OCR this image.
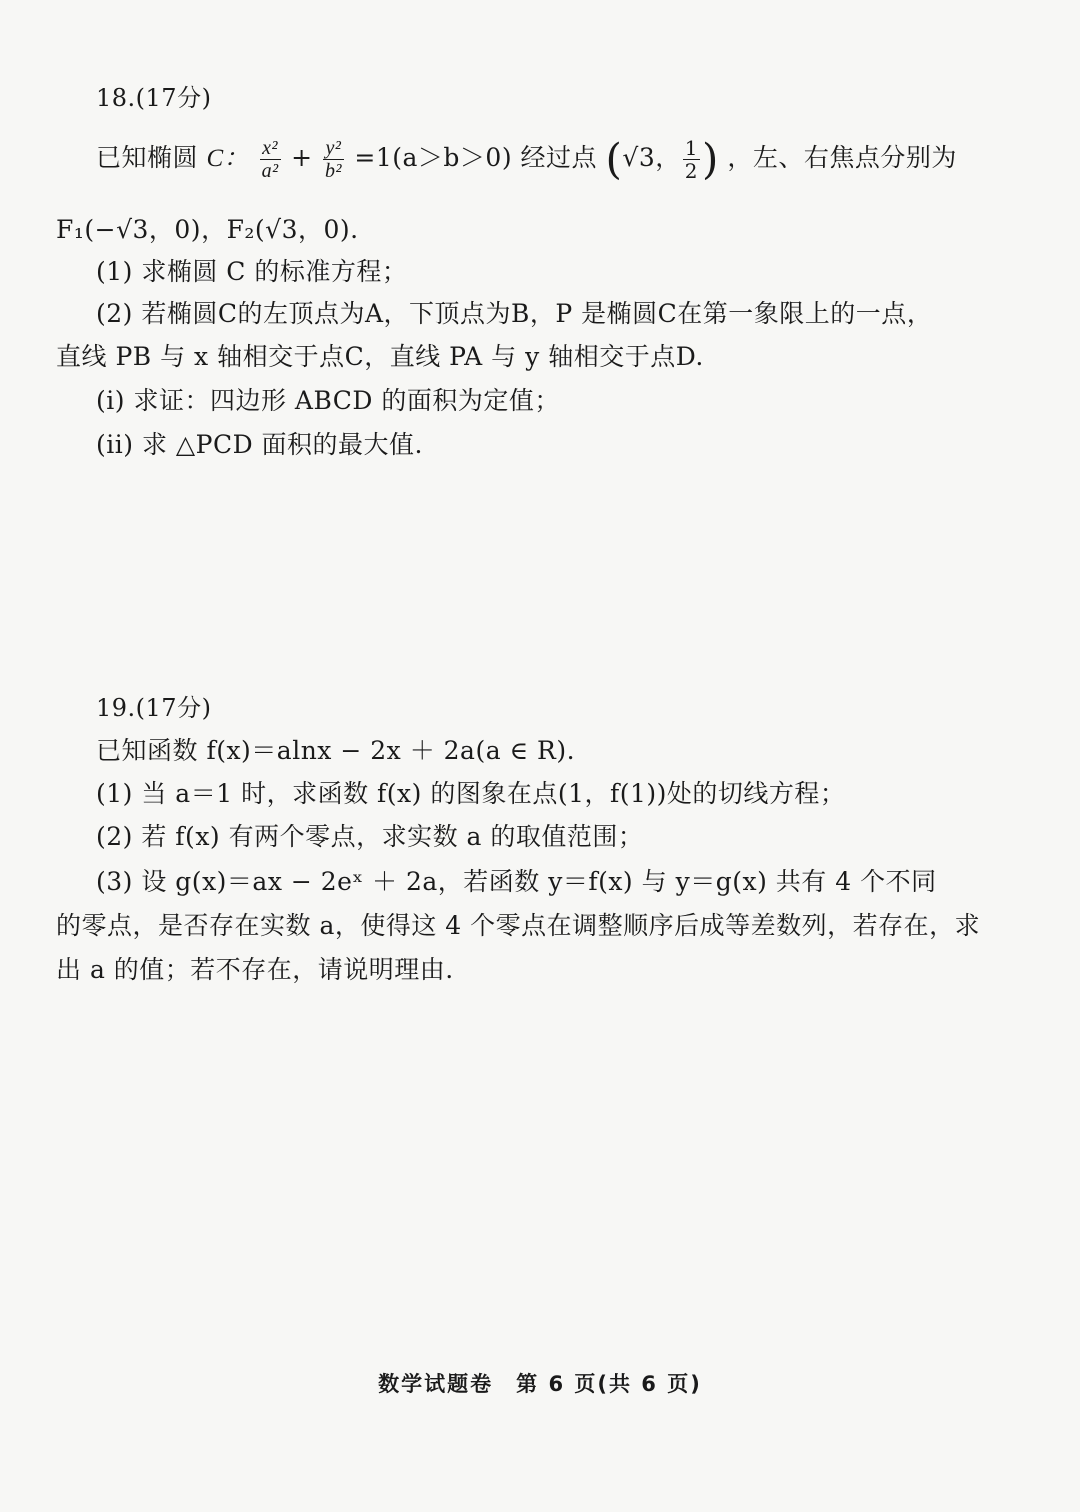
18.(17分)
已知椭圆 C： $\frac{\text{x²}}{\text{a²}} + \frac{\text{y²}}{\text{b²}} =1(a>b>0)$ 经过点 (√3， $\frac{1}{2}$ ) ，左、右焦点分别为
F₁(−√3，0)，F₂(√3，0).
(1) 求椭圆 C 的标准方程；
(2) 若椭圆C的左顶点为A，下顶点为B，P 是椭圆C在第一象限上的一点，
直线 PB 与 x 轴相交于点C，直线 PA 与 y 轴相交于点D.
(i) 求证：四边形 ABCD 的面积为定值；
(ii) 求 △PCD 面积的最大值.
19.(17分)
已知函数 f(x)＝alnx − 2x ＋ 2a(a ∈ R).
(1) 当 a＝1 时，求函数 f(x) 的图象在点(1，f(1))处的切线方程；
(2) 若 f(x) 有两个零点，求实数 a 的取值范围；
(3) 设 g(x)＝ax − 2eˣ ＋ 2a，若函数 y＝f(x) 与 y＝g(x) 共有 4 个不同
的零点，是否存在实数 a，使得这 4 个零点在调整顺序后成等差数列，若存在，求
出 a 的值；若不存在，请说明理由.
数学试题卷　第 6 页(共 6 页)
